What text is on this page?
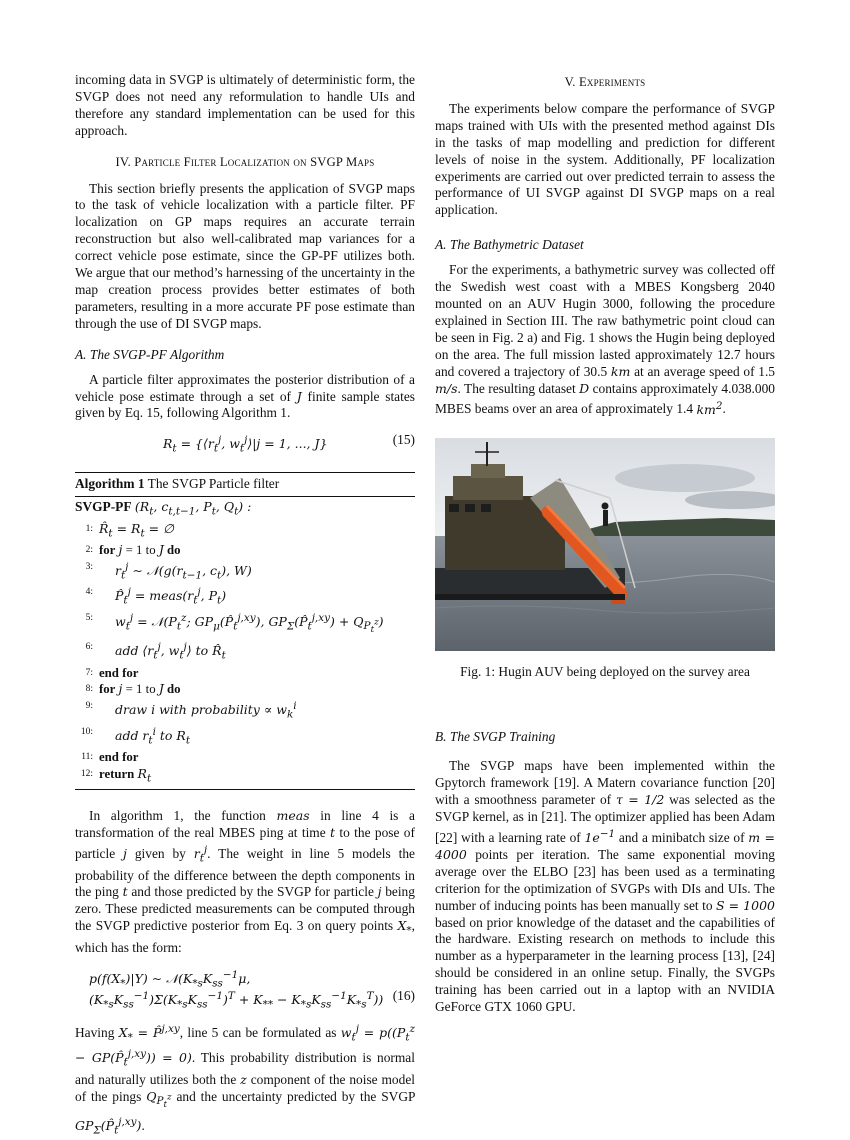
incoming data in SVGP is ultimately of deterministic form, the SVGP does not need any reformulation to handle UIs and therefore any standard implementation can be used for this approach.

IV. Particle Filter Localization on SVGP Maps

This section briefly presents the application of SVGP maps to the task of vehicle localization with a particle filter. PF localization on GP maps requires an accurate terrain reconstruction but also well-calibrated map variances for a correct vehicle pose estimate, since the GP-PF utilizes both. We argue that our method’s harnessing of the uncertainty in the map creation process provides better estimates of both parameters, resulting in a more accurate PF pose estimate than through the use of DI SVGP maps.

A. The SVGP-PF Algorithm

A particle filter approximates the posterior distribution of a vehicle pose estimate through a set of J finite sample states given by Eq. 15, following Algorithm 1.

$R_t$ = {$⟨r_t^j$, $w_t^j⟩|j = 1$, ..., J}	(15)
Algorithm 1 The SVGP Particle filter
SVGP-PF ($R_t$, $c_{t,t-1}$, $P_t$, $Q_t$) :
1: $R̂_t = R_t$ = ∅
2: for j = 1 to J do
3:	$r_t^j$ ∼ $𝒩(g(r_{t-1}$, $c_t$), W)
4:	$P̂_t^j$ = $meas(r_t^j$, $P_t$)
5:	$w_t^j$ = $𝒩(P_t^z$; $GP_\mu(P̂_t^{j,xy})$, $GP_\Sigma(P̂_t^{j,xy}) + Q_{P_t^z}$)
6:	add $⟨r_t^j$, $w_t^j⟩$ to $R̂_t$
7: end for
8: for j = 1 to J do
9:	draw i with probability ∝ $w_k^i$
10:	add $r_t^i$ to $R_t$
11: end for
12: return $R_t$

In algorithm 1, the function meas in line 4 is a transformation of the real MBES ping at time t to the pose of particle j given by $r_t^j$. The weight in line 5 models the probability of the difference between the depth components in the ping t and those predicted by the SVGP for particle j being zero. These predicted measurements can be computed through the SVGP predictive posterior from Eq. 3 on query points $X_*$, which has the form:

$p(f(X_*)|Y)$ ∼ $𝒩(K_{*s}K_{ss}^{-1}\mu$,
$(K_{*s}K_{ss}^{-1})\Sigma(K_{*s}K_{ss}^{-1})^T + K_{**} - K_{*s}K_{ss}^{-1}K_{*s}^T$)) (16)

Having $X_*$ = P̂$^{j,xy}$, line 5 can be formulated as $w_t^j = p((P_t^z$ − $GP(P̂_t^{j,xy})) = 0$). This probability distribution is normal and naturally utilizes both the z component of the noise model of the pings $Q_{P_t^z}$ and the uncertainty predicted by the SVGP $GP_\Sigma(P̂_t^{j,xy})$.

V. Experiments

The experiments below compare the performance of SVGP maps trained with UIs with the presented method against DIs in the tasks of map modelling and prediction for different levels of noise in the system. Additionally, PF localization experiments are carried out over predicted terrain to assess the performance of UI SVGP against DI SVGP maps on a real application.

A. The Bathymetric Dataset

For the experiments, a bathymetric survey was collected off the Swedish west coast with a MBES Kongsberg 2040 mounted on an AUV Hugin 3000, following the procedure explained in Section III. The raw bathymetric point cloud can be seen in Fig. 2 a) and Fig. 1 shows the Hugin being deployed on the area. The full mission lasted approximately 12.7 hours and covered a trajectory of 30.5 km at an average speed of 1.5 m/s. The resulting dataset D contains approximately 4.038.000 MBES beams over an area of approximately 1.4 $km^2$.

Fig. 1: Hugin AUV being deployed on the survey area
B. The SVGP Training

The SVGP maps have been implemented within the Gpytorch framework [19]. A Matern covariance function [20] with a smoothness parameter of τ = 1/2 was selected as the SVGP kernel, as in [21]. The optimizer applied has been Adam [22] with a learning rate of $1e^{-1}$ and a minibatch size of m = 4000 points per iteration. The same exponential moving average over the ELBO [23] has been used as a terminating criterion for the optimization of SVGPs with DIs and UIs. The number of inducing points has been manually set to S = 1000 based on prior knowledge of the dataset and the capabilities of the hardware. Existing research on methods to include this number as a hyperparameter in the learning process [13], [24] should be considered in an online setup. Finally, the SVGPs training has been carried out in a laptop with an NVIDIA GeForce GTX 1060 GPU.
